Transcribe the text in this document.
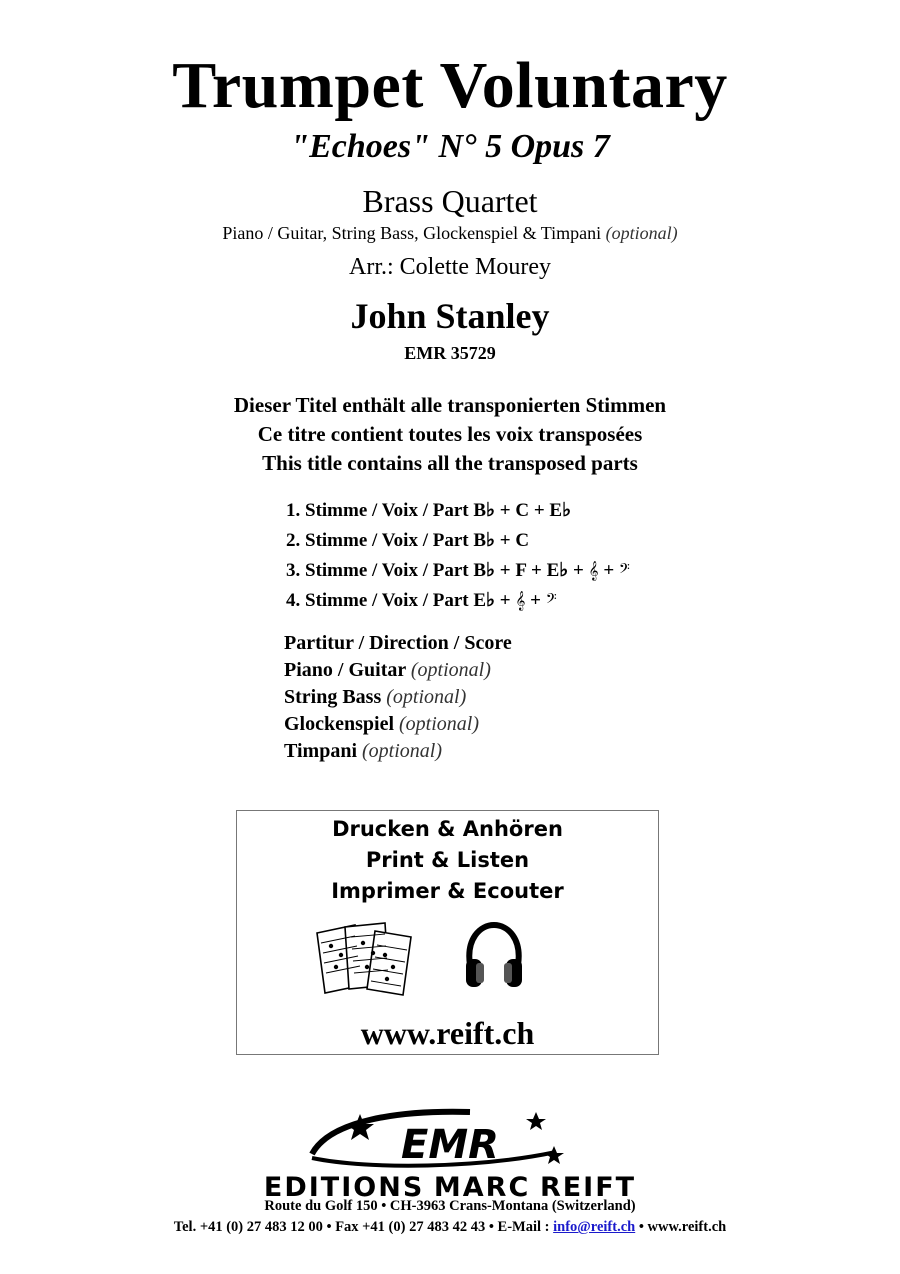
Trumpet Voluntary
"Echoes" N° 5 Opus 7
Brass Quartet
Piano / Guitar, String Bass, Glockenspiel & Timpani (optional)
Arr.: Colette Mourey
John Stanley
EMR 35729
Dieser Titel enthält alle transponierten Stimmen
Ce titre contient toutes les voix transposées
This title contains all the transposed parts
1. Stimme / Voix / Part B♭ + C + E♭
2. Stimme / Voix / Part B♭ + C
3. Stimme / Voix / Part B♭ + F + E♭ + 𝄞 + 𝄢
4. Stimme / Voix / Part E♭ + 𝄞 + 𝄢
Partitur / Direction / Score
Piano / Guitar (optional)
String Bass (optional)
Glockenspiel (optional)
Timpani (optional)
Drucken & Anhören
Print & Listen
Imprimer & Ecouter
www.reift.ch
EMR
EDITIONS MARC REIFT
Route du Golf 150 • CH-3963 Crans-Montana (Switzerland)
Tel. +41 (0) 27 483 12 00 • Fax +41 (0) 27 483 42 43 • E-Mail : info@reift.ch • www.reift.ch
